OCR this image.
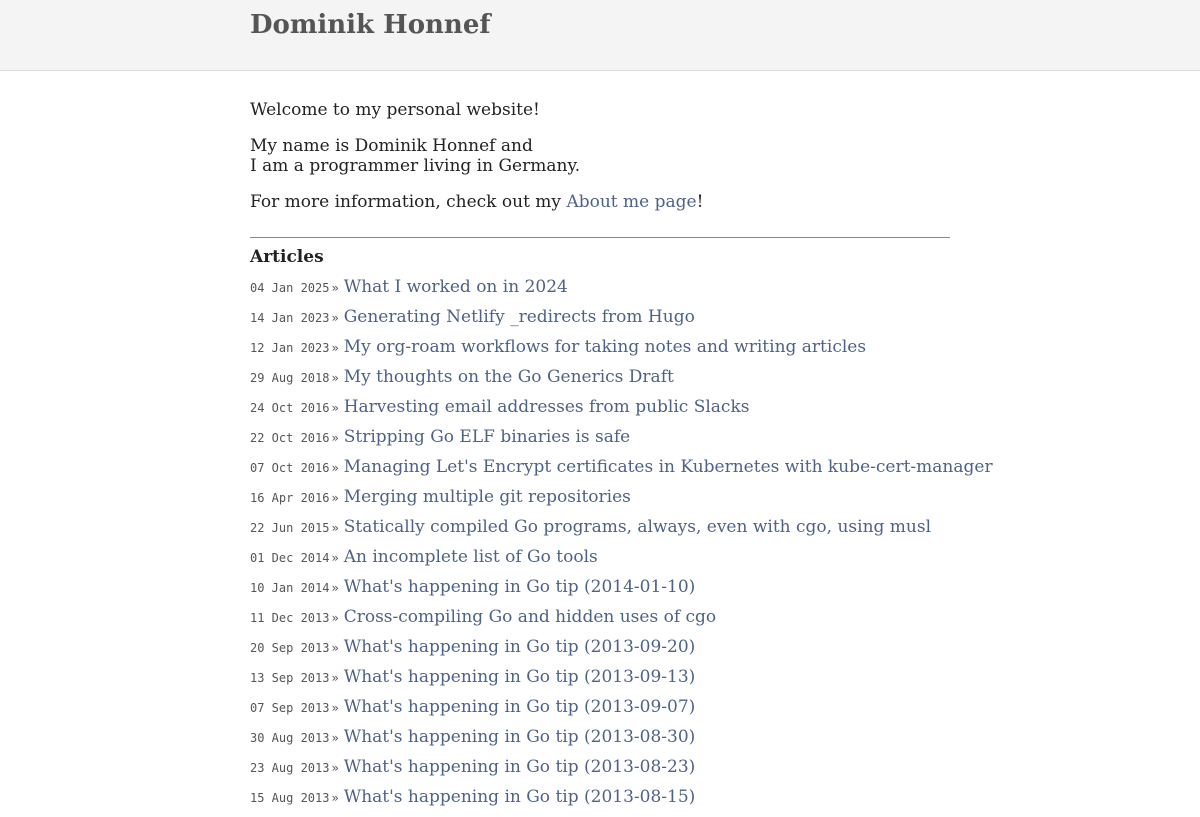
Dominik Honnef

Welcome to my personal website!

My name is Dominik Honnef and
I am a programmer living in Germany.

For more information, check out my About me page!

Articles
04 Jan 2025 » What I worked on in 2024
14 Jan 2023 » Generating Netlify _redirects from Hugo
12 Jan 2023 » My org-roam workflows for taking notes and writing articles
29 Aug 2018 » My thoughts on the Go Generics Draft
24 Oct 2016 » Harvesting email addresses from public Slacks
22 Oct 2016 » Stripping Go ELF binaries is safe
07 Oct 2016 » Managing Let's Encrypt certificates in Kubernetes with kube-cert-manager
16 Apr 2016 » Merging multiple git repositories
22 Jun 2015 » Statically compiled Go programs, always, even with cgo, using musl
01 Dec 2014 » An incomplete list of Go tools
10 Jan 2014 » What's happening in Go tip (2014-01-10)
11 Dec 2013 » Cross-compiling Go and hidden uses of cgo
20 Sep 2013 » What's happening in Go tip (2013-09-20)
13 Sep 2013 » What's happening in Go tip (2013-09-13)
07 Sep 2013 » What's happening in Go tip (2013-09-07)
30 Aug 2013 » What's happening in Go tip (2013-08-30)
23 Aug 2013 » What's happening in Go tip (2013-08-23)
15 Aug 2013 » What's happening in Go tip (2013-08-15)
